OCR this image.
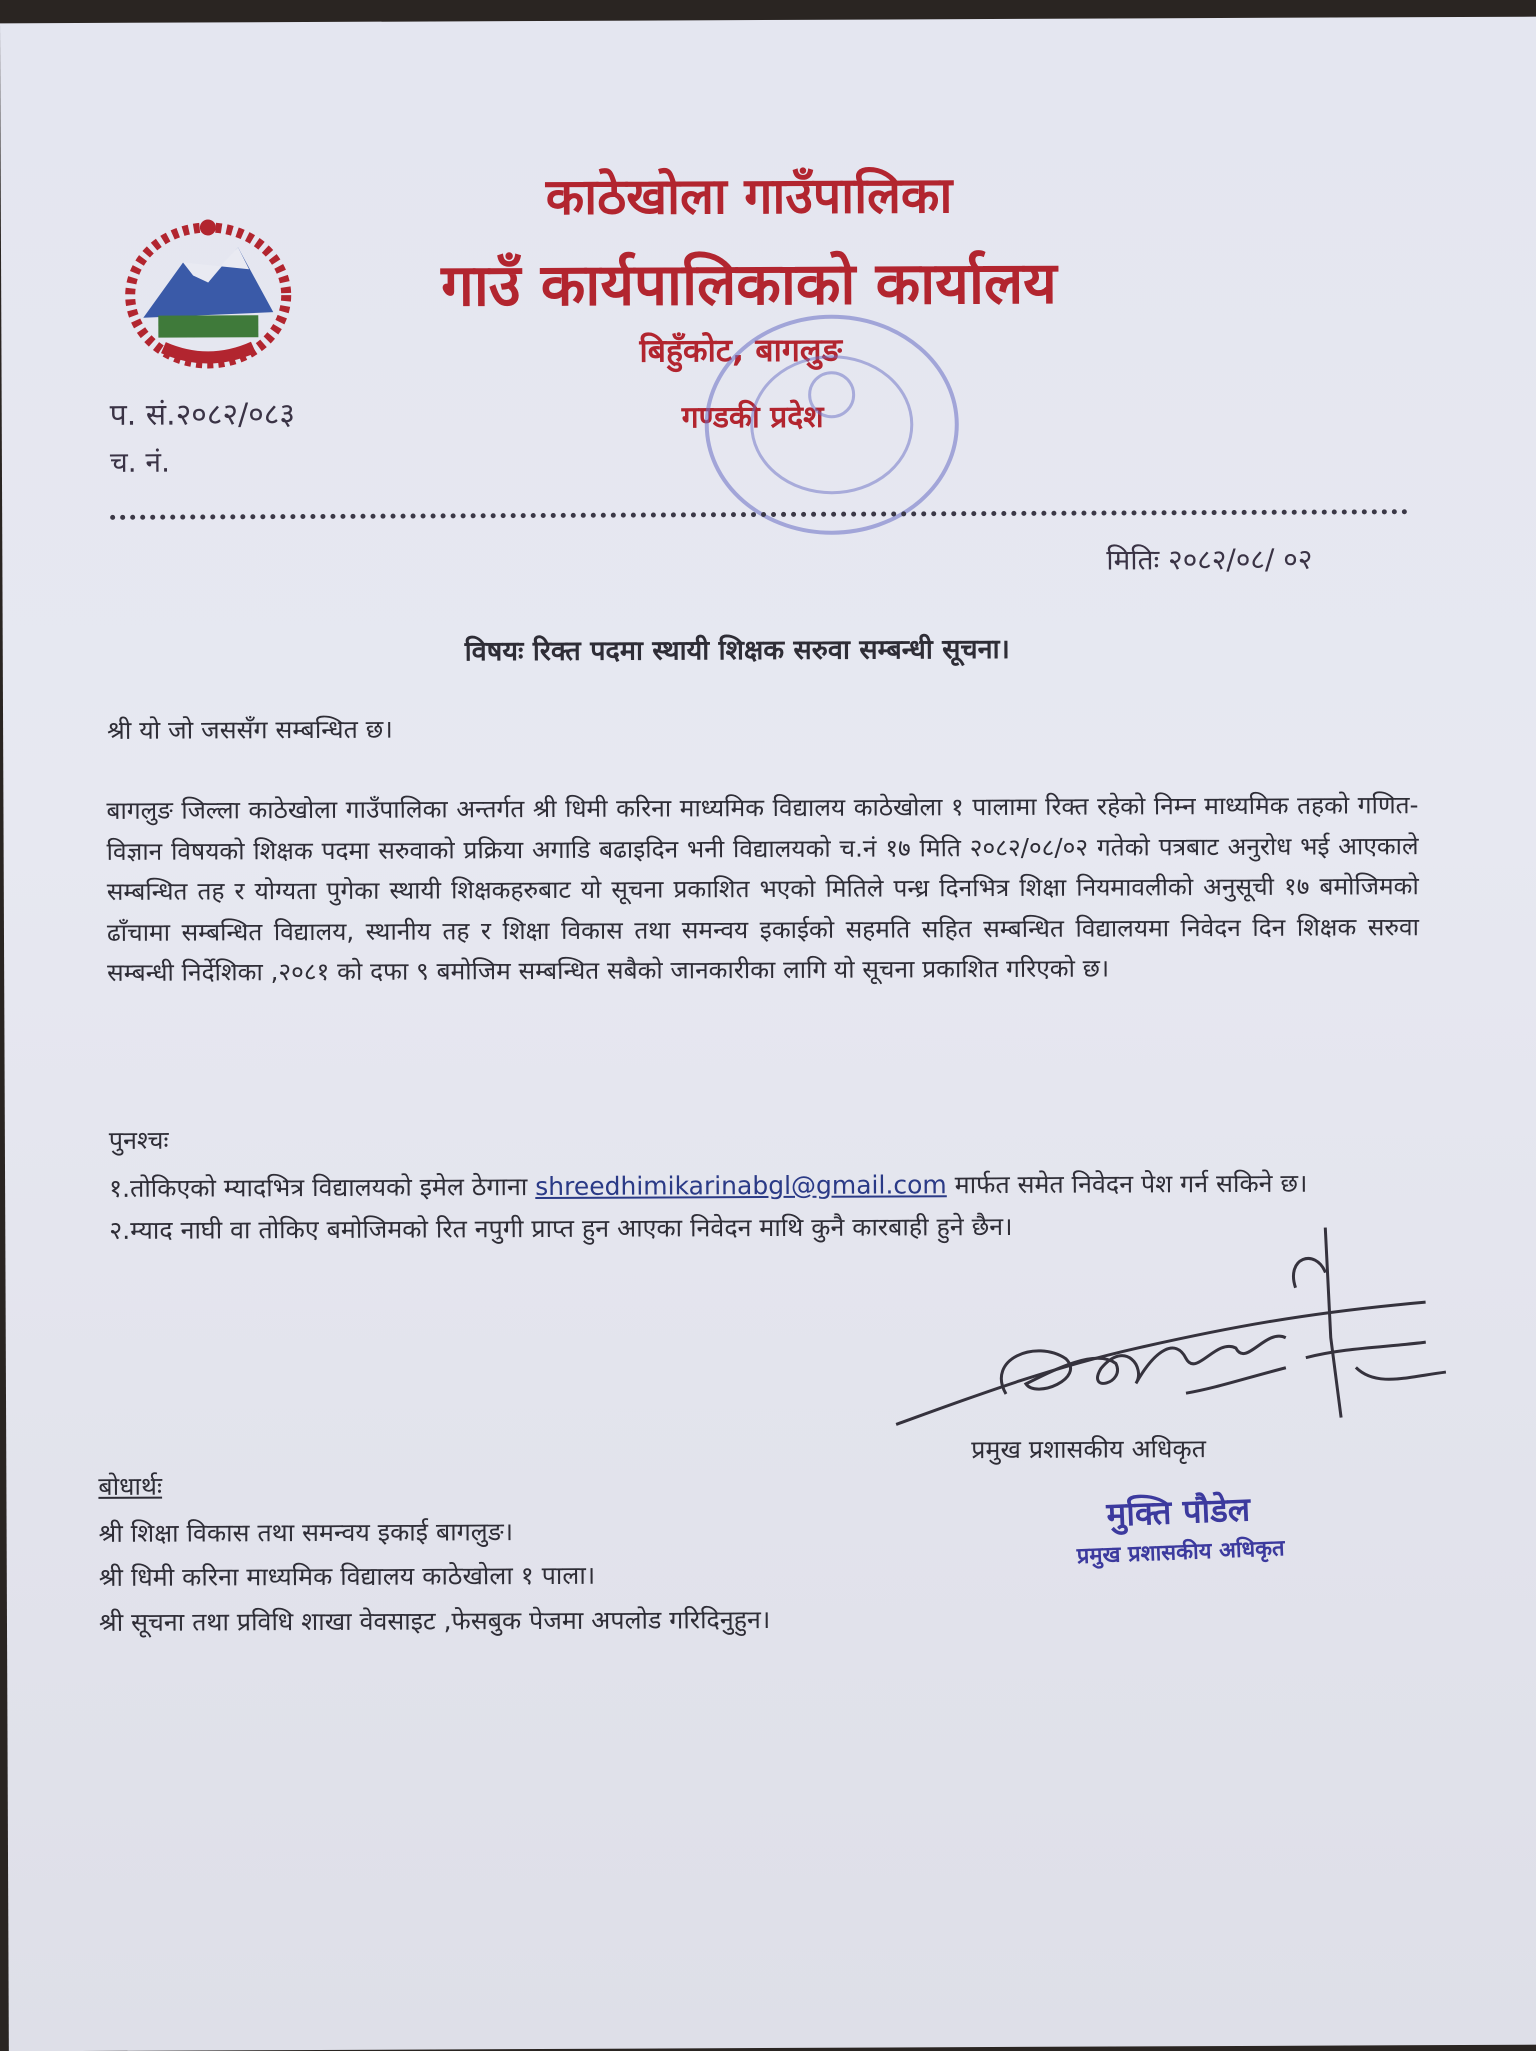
काठेखोला गाउँपालिका
गाउँ कार्यपालिकाको कार्यालय
बिहुँकोट, बागलुङ
गण्डकी प्रदेश
प. सं.२०८२/०८३
च. नं.
मितिः २०८२/०८/ ०२
विषयः रिक्त पदमा स्थायी शिक्षक सरुवा सम्बन्धी सूचना।
श्री यो जो जससँग सम्बन्धित छ।
बागलुङ जिल्ला काठेखोला गाउँपालिका अन्तर्गत श्री धिमी करिना माध्यमिक विद्यालय काठेखोला १ पालामा रिक्त रहेको निम्न माध्यमिक तहको गणित-विज्ञान विषयको शिक्षक पदमा सरुवाको प्रक्रिया अगाडि बढाइदिन भनी विद्यालयको च.नं १७ मिति २०८२/०८/०२ गतेको पत्रबाट अनुरोध भई आएकाले सम्बन्धित तह र योग्यता पुगेका स्थायी शिक्षकहरुबाट यो सूचना प्रकाशित भएको मितिले पन्ध्र दिनभित्र शिक्षा नियमावलीको अनुसूची १७ बमोजिमको ढाँचामा सम्बन्धित विद्यालय, स्थानीय तह र शिक्षा विकास तथा समन्वय इकाईको सहमति सहित सम्बन्धित विद्यालयमा निवेदन दिन शिक्षक सरुवा सम्बन्धी निर्देशिका ,२०८१ को दफा ९ बमोजिम सम्बन्धित सबैको जानकारीका लागि यो सूचना प्रकाशित गरिएको छ।
पुनश्चः
१.तोकिएको म्यादभित्र विद्यालयको इमेल ठेगाना shreedhimikarinabgl@gmail.com मार्फत समेत निवेदन पेश गर्न सकिने छ।
२.म्याद नाघी वा तोकिए बमोजिमको रित नपुगी प्राप्त हुन आएका निवेदन माथि कुनै कारबाही हुने छैन।
प्रमुख प्रशासकीय अधिकृत
मुक्ति पौडेल
प्रमुख प्रशासकीय अधिकृत
बोधार्थः
श्री शिक्षा विकास तथा समन्वय इकाई बागलुङ।
श्री धिमी करिना माध्यमिक विद्यालय काठेखोला १ पाला।
श्री सूचना तथा प्रविधि शाखा वेवसाइट ,फेसबुक पेजमा अपलोड गरिदिनुहुन।
